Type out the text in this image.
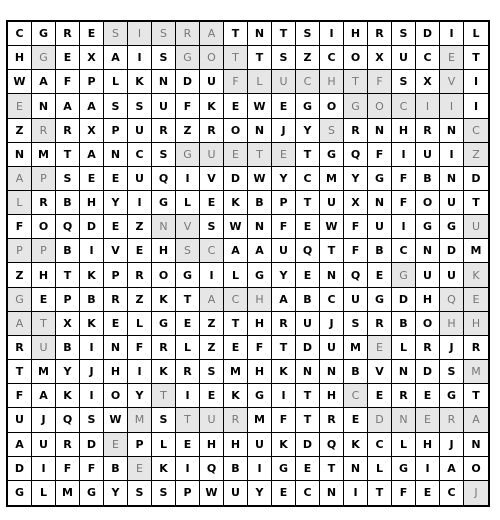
C	G	R	E	S	I	S	R	A	T	N	T	S	I	H	R	S	D	I	L
H	G	E	X	A	I	S	G	O	T	T	S	Z	C	O	X	U	C	E	T
W	A	F	P	L	K	N	D	U	F	L	U	C	H	T	F	S	X	V	I
E	N	A	A	S	S	U	F	K	E	W	E	G	O	G	O	C	I	I	I
Z	R	R	X	P	U	R	Z	R	O	N	J	Y	S	R	N	H	R	N	C
N	M	T	A	N	C	S	G	U	E	T	E	T	G	Q	F	I	U	I	Z
A	P	S	E	E	U	Q	I	V	D	W	Y	C	M	Y	G	F	B	N	D
L	R	B	H	Y	I	G	L	E	K	B	P	T	U	X	N	F	O	U	T
F	O	Q	D	E	Z	N	V	S	W	N	F	E	W	F	U	I	G	G	U
P	P	B	I	V	E	H	S	C	A	A	U	Q	T	F	B	C	N	D	M
Z	H	T	K	P	R	O	G	I	L	G	Y	E	N	Q	E	G	U	U	K
G	E	P	B	R	Z	K	T	A	C	H	A	B	C	U	G	D	H	Q	E
A	T	X	K	E	L	G	E	Z	T	H	R	U	J	S	R	B	O	H	H
R	U	B	I	N	F	R	L	Z	E	F	T	D	U	M	E	L	R	J	R
T	M	Y	J	H	I	K	R	S	M	H	K	N	N	B	V	N	D	S	M
F	A	K	I	O	Y	T	I	E	K	G	I	T	H	C	E	R	E	G	T
U	J	Q	S	W	M	S	T	U	R	M	F	T	R	E	D	N	E	R	A
A	U	R	D	E	P	L	E	H	H	U	K	D	Q	K	C	L	H	J	N
D	I	F	F	B	E	K	I	Q	B	I	G	E	T	N	L	G	I	A	O
G	L	M	G	Y	S	S	P	W	U	Y	E	C	N	I	T	F	E	C	J
